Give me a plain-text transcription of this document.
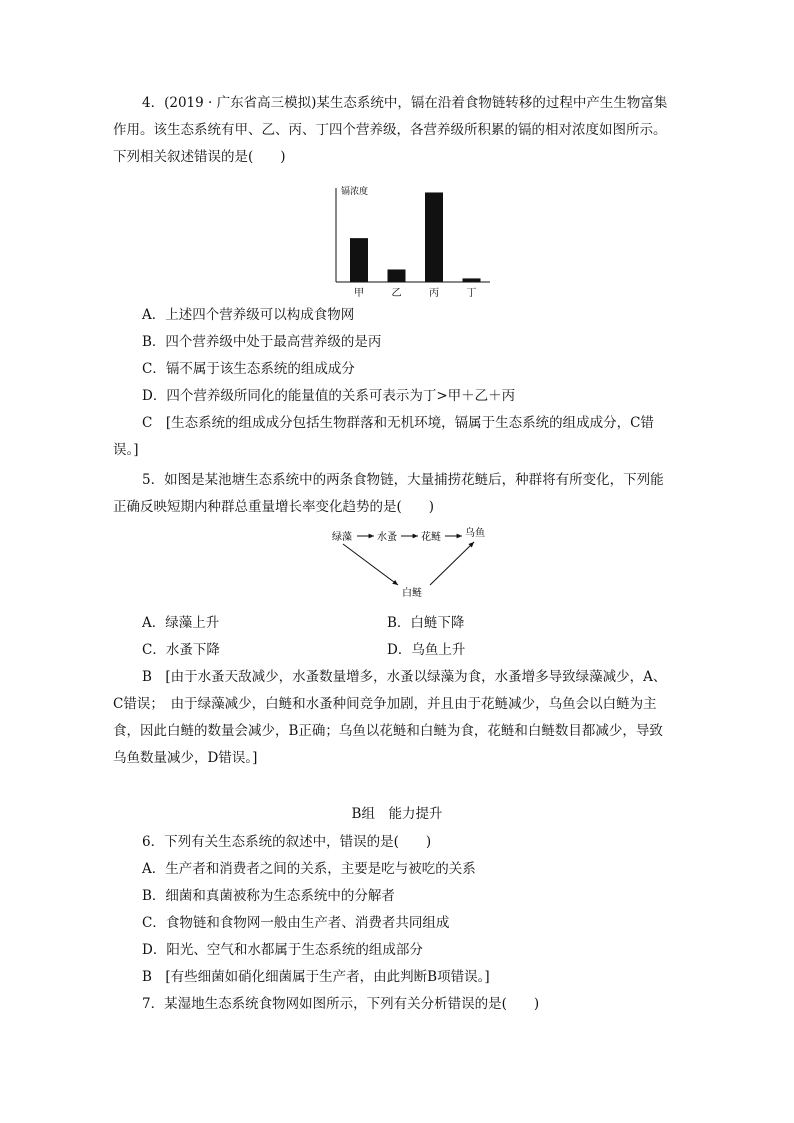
4．(2019 · 广东省高三模拟)某生态系统中，镉在沿着食物链转移的过程中产生生物富集
作用。该生态系统有甲、乙、丙、丁四个营养级，各营养级所积累的镉的相对浓度如图所示。
下列相关叙述错误的是(　　)
镉浓度
甲	乙	丙	丁
A．上述四个营养级可以构成食物网
B．四个营养级中处于最高营养级的是丙
C．镉不属于该生态系统的组成成分
D．四个营养级所同化的能量值的关系可表示为丁>甲＋乙＋丙
C　[生态系统的组成成分包括生物群落和无机环境，镉属于生态系统的组成成分，C错
误。]
5．如图是某池塘生态系统中的两条食物链，大量捕捞花鲢后，种群将有所变化，下列能
正确反映短期内种群总重量增长率变化趋势的是(　　)
绿藻	水蚤 花鲢 乌鱼
白鲢
A．绿藻上升	B．白鲢下降
C．水蚤下降	D．乌鱼上升
B　[由于水蚤天敌减少，水蚤数量增多，水蚤以绿藻为食，水蚤增多导致绿藻减少，A、
C错误；　由于绿藻减少，白鲢和水蚤种间竞争加剧，并且由于花鲢减少，乌鱼会以白鲢为主
食，因此白鲢的数量会减少，B正确；乌鱼以花鲢和白鲢为食，花鲢和白鲢数目都减少，导致
乌鱼数量减少，D错误。]
B组　能力提升
6．下列有关生态系统的叙述中，错误的是(　　)
A．生产者和消费者之间的关系，主要是吃与被吃的关系
B．细菌和真菌被称为生态系统中的分解者
C．食物链和食物网一般由生产者、消费者共同组成
D．阳光、空气和水都属于生态系统的组成部分
B　[有些细菌如硝化细菌属于生产者，由此判断B项错误。]
7．某湿地生态系统食物网如图所示，下列有关分析错误的是(　　)
